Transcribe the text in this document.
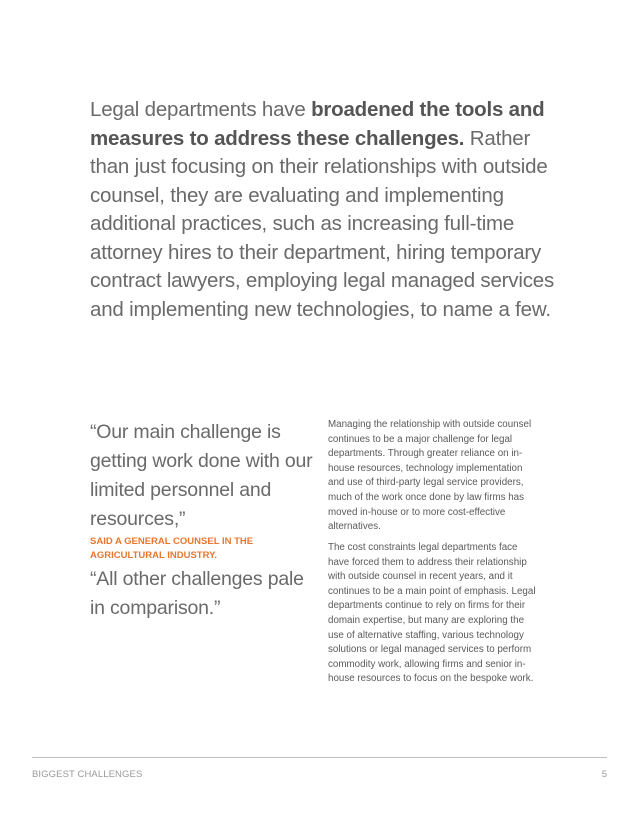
Legal departments have broadened the tools and measures to address these challenges. Rather than just focusing on their relationships with outside counsel, they are evaluating and implementing additional practices, such as increasing full-time attorney hires to their department, hiring temporary contract lawyers, employing legal managed services and implementing new technologies, to name a few.

“Our main challenge is getting work done with our limited personnel and resources,”

SAID A GENERAL COUNSEL IN THE AGRICULTURAL INDUSTRY.

“All other challenges pale in comparison.”

Managing the relationship with outside counsel continues to be a major challenge for legal departments. Through greater reliance on in-house resources, technology implementation and use of third-party legal service providers, much of the work once done by law firms has moved in-house or to more cost-effective alternatives.

The cost constraints legal departments face have forced them to address their relationship with outside counsel in recent years, and it continues to be a main point of emphasis. Legal departments continue to rely on firms for their domain expertise, but many are exploring the use of alternative staffing, various technology solutions or legal managed services to perform commodity work, allowing firms and senior in-house resources to focus on the bespoke work.

BIGGEST CHALLENGES	5
